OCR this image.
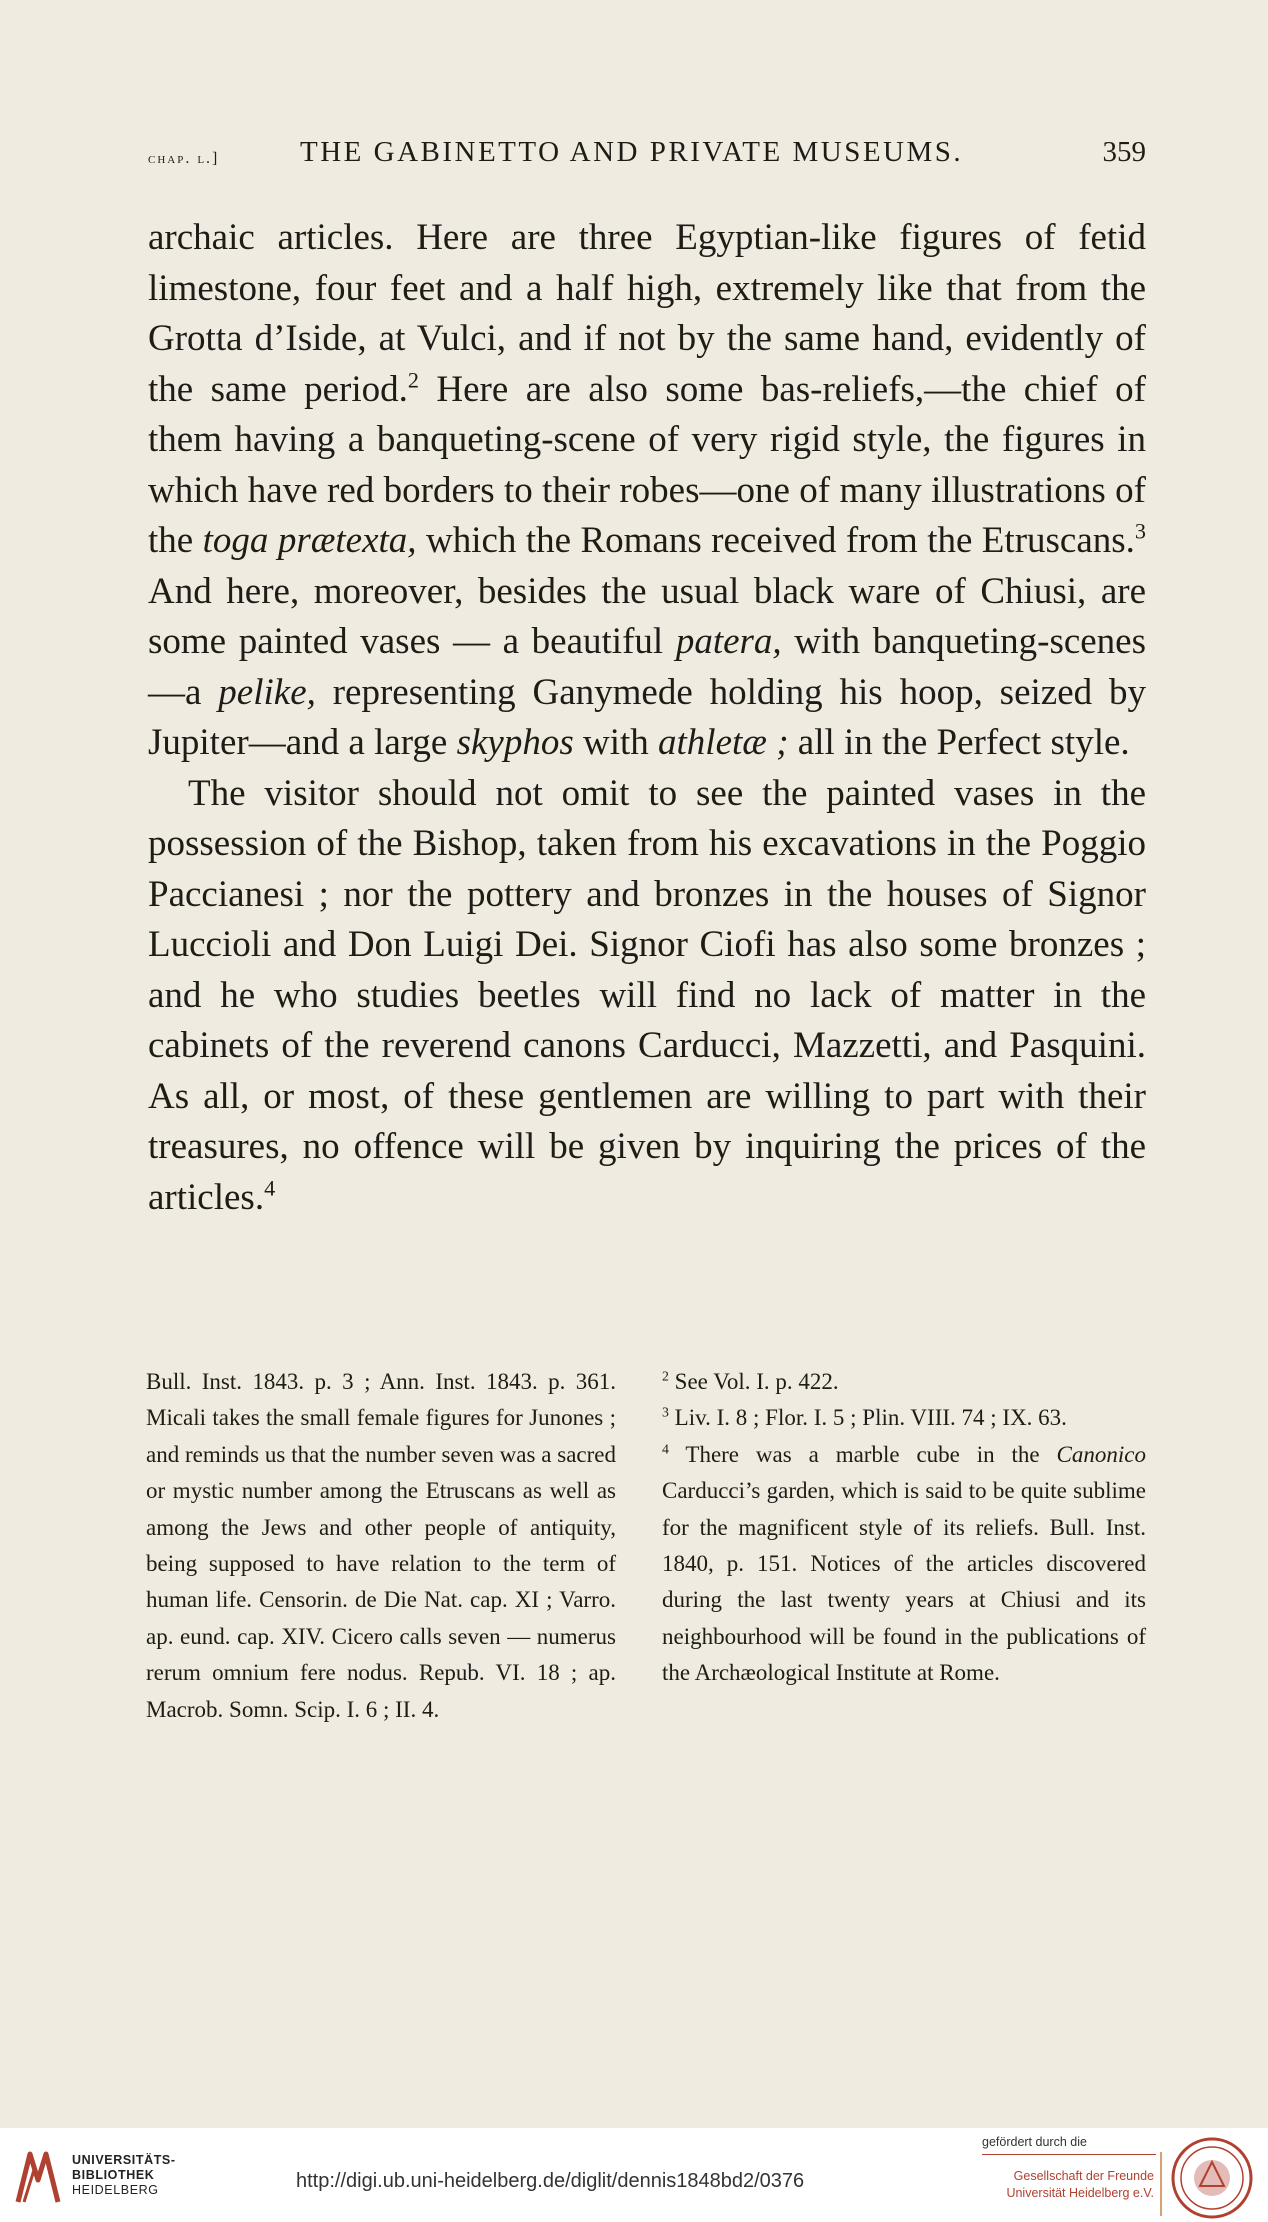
chap. l.]	THE GABINETTO AND PRIVATE MUSEUMS.	359

archaic articles. Here are three Egyptian-like figures of fetid limestone, four feet and a half high, extremely like that from the Grotta d’Iside, at Vulci, and if not by the same hand, evidently of the same period.$^2$ Here are also some bas-reliefs,—the chief of them having a banqueting-scene of very rigid style, the figures in which have red borders to their robes—one of many illustrations of the toga prætexta, which the Romans received from the Etruscans.$^3$ And here, moreover, besides the usual black ware of Chiusi, are some painted vases — a beautiful patera, with banqueting-scenes—a pelike, representing Ganymede holding his hoop, seized by Jupiter—and a large skyphos with athletæ ; all in the Perfect style.

The visitor should not omit to see the painted vases in the possession of the Bishop, taken from his excavations in the Poggio Paccianesi ; nor the pottery and bronzes in the houses of Signor Luccioli and Don Luigi Dei. Signor Ciofi has also some bronzes ; and he who studies beetles will find no lack of matter in the cabinets of the reverend canons Carducci, Mazzetti, and Pasquini. As all, or most, of these gentlemen are willing to part with their treasures, no offence will be given by inquiring the prices of the articles.$^4$

Bull. Inst. 1843. p. 3 ; Ann. Inst. 1843. p. 361. Micali takes the small female figures for Junones ; and reminds us that the number seven was a sacred or mystic number among the Etruscans as well as among the Jews and other people of antiquity, being supposed to have relation to the term of human life. Censorin. de Die Nat. cap. XI ; Varro. ap. eund. cap. XIV. Cicero calls seven — numerus rerum omnium fere nodus. Repub. VI. 18 ; ap. Macrob. Somn. Scip. I. 6 ; II. 4.

$^2$ See Vol. I. p. 422.

$^3$ Liv. I. 8 ; Flor. I. 5 ; Plin. VIII. 74 ; IX. 63.

$^4$ There was a marble cube in the Canonico Carducci’s garden, which is said to be quite sublime for the magnificent style of its reliefs. Bull. Inst. 1840, p. 151. Notices of the articles discovered during the last twenty years at Chiusi and its neighbourhood will be found in the publications of the Archæological Institute at Rome.

UNIVERSITÄTS-
BIBLIOTHEK
HEIDELBERG	http://digi.ub.uni-heidelberg.de/diglit/dennis1848bd2/0376
gefördert durch die
Gesellschaft der Freunde
Universität Heidelberg e.V.
